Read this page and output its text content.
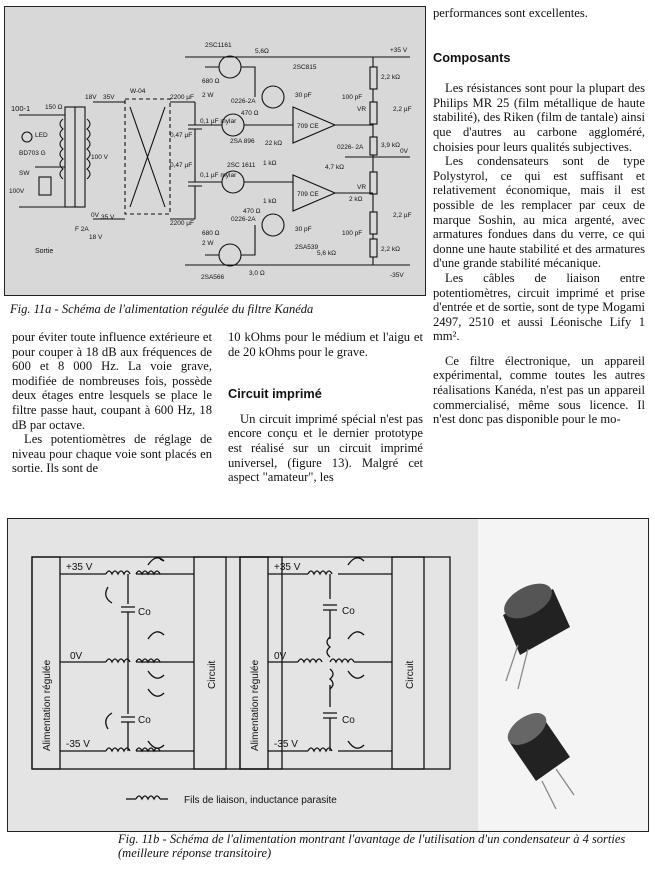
2SC1161
5,6Ω	+35 V
2SC815
W-04
18V 35V	2200 µF
680 Ω
2 W
0226-2A
470 Ω
2SA 896
30 pF
709 CE
22 kΩ
0226- 2A
0,1 µF mylar
0,47 µF
2SC 1611 1 kΩ
1 kΩ
709 CE
0V
0,47 µF
0,1 µF mylar
0226-2A
2200 µF
680 Ω
2 W
2SA539
30 pF
2SA566
3,0 Ω	-35V
100 pF
100 pF
VR
VR
3,9 kΩ
2 kΩ
5,6 kΩ
2,2 kΩ
2,2 µF
2,2 µF
2,2 kΩ
100-1
LED
BD703 G
SW
100V
150 Ω
Sortie
F 2A
0V
100 V
35 V
18 V
470 Ω
4,7 kΩ
Fig. 11a - Schéma de l'alimentation régulée du filtre Kanéda

pour éviter toute influence extérieure et pour couper à 18 dB aux fréquences de 600 et 8 000 Hz. La voie grave, modifiée de nombreuses fois, possède deux étages entre lesquels se place le filtre passe haut, coupant à 600 Hz, 18 dB par octave.

Les potentiomètres de réglage de niveau pour chaque voie sont placés en sortie. Ils sont de

10 kOhms pour le médium et l'aigu et de 20 kOhms pour le grave.

Circuit imprimé

Un circuit imprimé spécial n'est pas encore conçu et le dernier prototype est réalisé sur un circuit imprimé universel, (figure 13). Malgré cet aspect "amateur", les

performances sont excellentes.

Composants

Les résistances sont pour la plupart des Philips MR 25 (film métallique de haute stabilité), des Riken (film de tantale) ainsi que d'autres au carbone aggloméré, choisies pour leurs qualités subjectives.

Les condensateurs sont de type Polystyrol, ce qui est suffisant et relativement économique, mais il est possible de les remplacer par ceux de marque Soshin, au mica argenté, avec armatures fondues dans du verre, ce qui donne une haute stabilité et des armatures d'une grande stabilité mécanique.

Les câbles de liaison entre potentiomètres, circuit imprimé et prise d'entrée et de sortie, sont de type Mogami 2497, 2510 et aussi Léonische Lify 1 mm².

Ce filtre électronique, un appareil expérimental, comme toutes les autres réalisations Kanéda, n'est pas un appareil commercialisé, même sous licence. Il n'est donc pas disponible pour le mo-

+35 V
0V
-35 V
Co
Co
+35 V
0V
-35 V
Co
Co
Alimentation régulée	Circuit	Alimentation régulée	Circuit
Fils de liaison, inductance parasite
Fig. 11b - Schéma de l'alimentation montrant l'avantage de l'utilisation d'un condensateur à 4 sorties (meilleure réponse transitoire)
